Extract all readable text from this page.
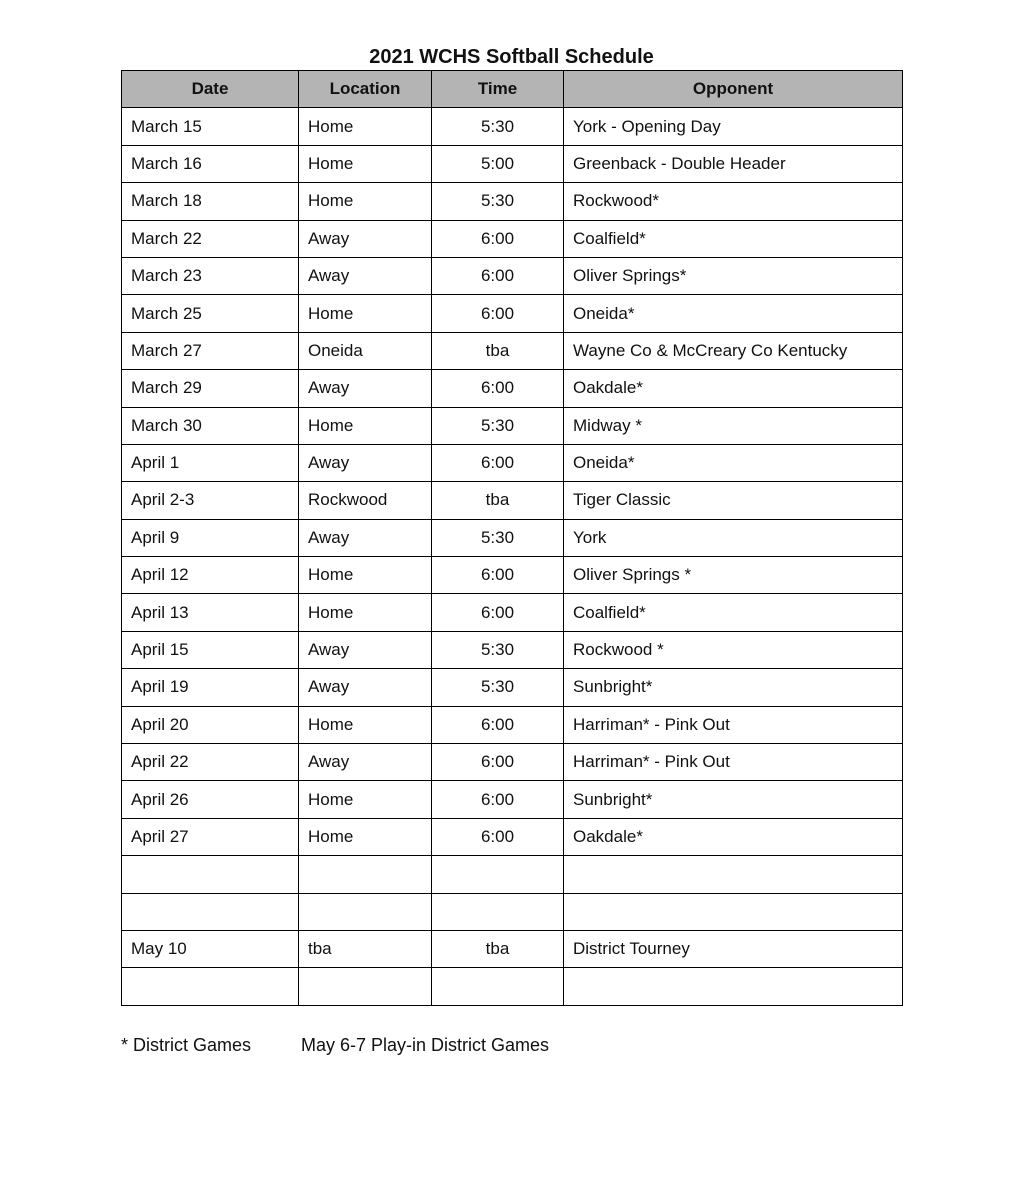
2021 WCHS Softball Schedule
Date	Location	Time	Opponent
March 15	Home	5:30	York - Opening Day
March 16	Home	5:00	Greenback - Double Header
March 18	Home	5:30	Rockwood*
March 22	Away	6:00	Coalfield*
March 23	Away	6:00	Oliver Springs*
March 25	Home	6:00	Oneida*
March 27	Oneida	tba	Wayne Co & McCreary Co Kentucky
March 29	Away	6:00	Oakdale*
March 30	Home	5:30	Midway *
April 1	Away	6:00	Oneida*
April 2-3	Rockwood	tba	Tiger Classic
April 9	Away	5:30	York
April 12	Home	6:00	Oliver Springs *
April 13	Home	6:00	Coalfield*
April 15	Away	5:30	Rockwood *
April 19	Away	5:30	Sunbright*
April 20	Home	6:00	Harriman* - Pink Out
April 22	Away	6:00	Harriman* - Pink Out
April 26	Home	6:00	Sunbright*
April 27	Home	6:00	Oakdale*

May 10	tba	tba	District Tourney

* District Games	May 6-7 Play-in District Games
